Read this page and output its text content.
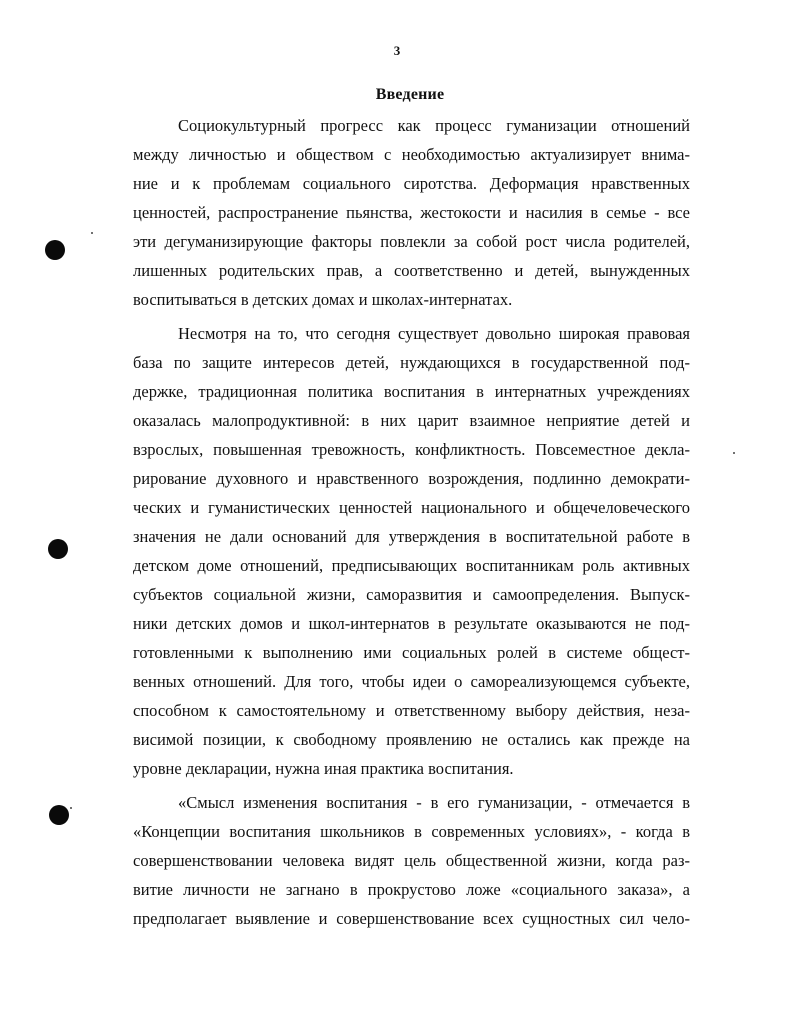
3
Введение
Социокультурный прогресс как процесс гуманизации отношений
между личностью и обществом с необходимостью актуализирует внима-
ние и к проблемам социального сиротства. Деформация нравственных
ценностей, распространение пьянства, жестокости и насилия в семье - все
эти дегуманизирующие факторы повлекли за собой рост числа родителей,
лишенных родительских прав, а соответственно и детей, вынужденных
воспитываться в детских домах и школах-интернатах.
Несмотря на то, что сегодня существует довольно широкая правовая
база по защите интересов детей, нуждающихся в государственной под-
держке, традиционная политика воспитания в интернатных учреждениях
оказалась малопродуктивной: в них царит взаимное неприятие детей и
взрослых, повышенная тревожность, конфликтность. Повсеместное декла-
рирование духовного и нравственного возрождения, подлинно демократи-
ческих и гуманистических ценностей национального и общечеловеческого
значения не дали оснований для утверждения в воспитательной работе в
детском доме отношений, предписывающих воспитанникам роль активных
субъектов социальной жизни, саморазвития и самоопределения. Выпуск-
ники детских домов и школ-интернатов в результате оказываются не под-
готовленными к выполнению ими социальных ролей в системе общест-
венных отношений. Для того, чтобы идеи о самореализующемся субъекте,
способном к самостоятельному и ответственному выбору действия, неза-
висимой позиции, к свободному проявлению не остались как прежде на
уровне декларации, нужна иная практика воспитания.
«Смысл изменения воспитания - в его гуманизации, - отмечается в
«Концепции воспитания школьников в современных условиях», - когда в
совершенствовании человека видят цель общественной жизни, когда раз-
витие личности не загнано в прокрустово ложе «социального заказа», а
предполагает выявление и совершенствование всех сущностных сил чело-
